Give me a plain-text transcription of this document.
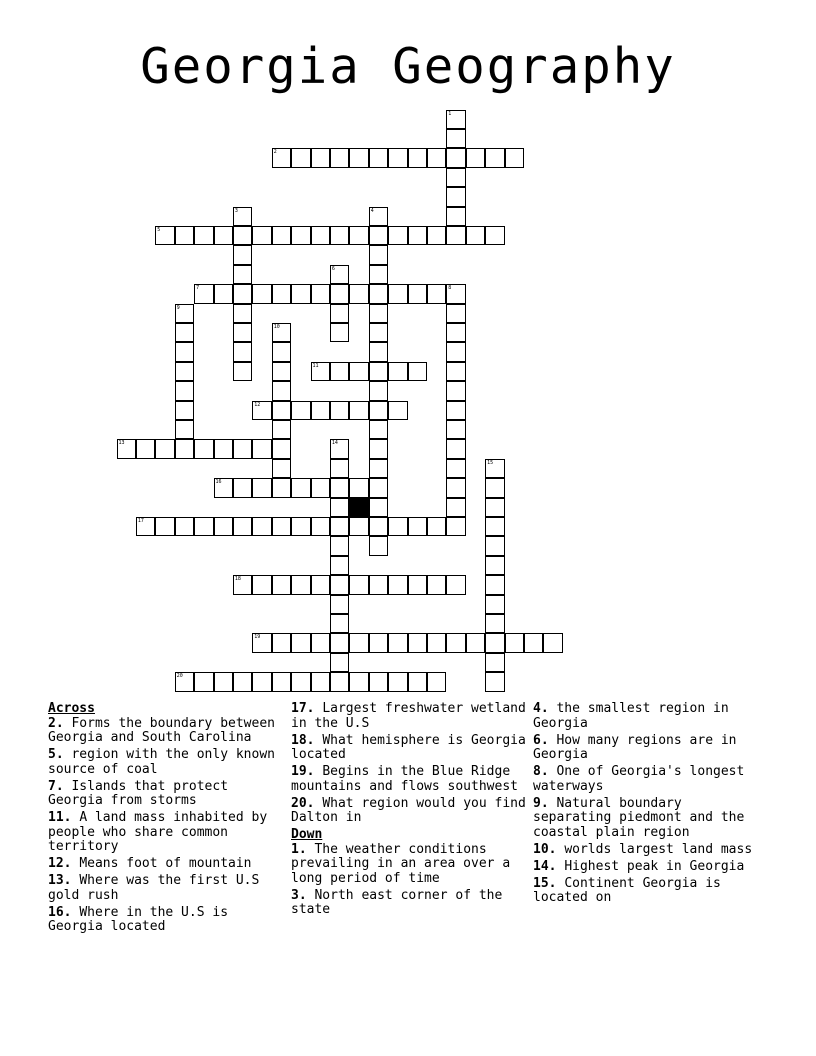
Georgia Geography
1
2
3	4
5
6
7	8
9
10
11
12
13	14
15
16
17
18
19
20
Across
2. Forms the boundary between Georgia and South Carolina
5. region with the only known source of coal
7. Islands that protect Georgia from storms
11. A land mass inhabited by people who share common territory
12. Means foot of mountain
13. Where was the first U.S gold rush
16. Where in the U.S is Georgia located
17. Largest freshwater wetland in the U.S
18. What hemisphere is Georgia located
19. Begins in the Blue Ridge mountains and flows southwest
20. What region would you find Dalton in
Down
1. The weather conditions prevailing in an area over a long period of time
3. North east corner of the state
4. the smallest region in Georgia
6. How many regions are in Georgia
8. One of Georgia's longest waterways
9. Natural boundary separating piedmont and the coastal plain region
10. worlds largest land mass
14. Highest peak in Georgia
15. Continent Georgia is located on
